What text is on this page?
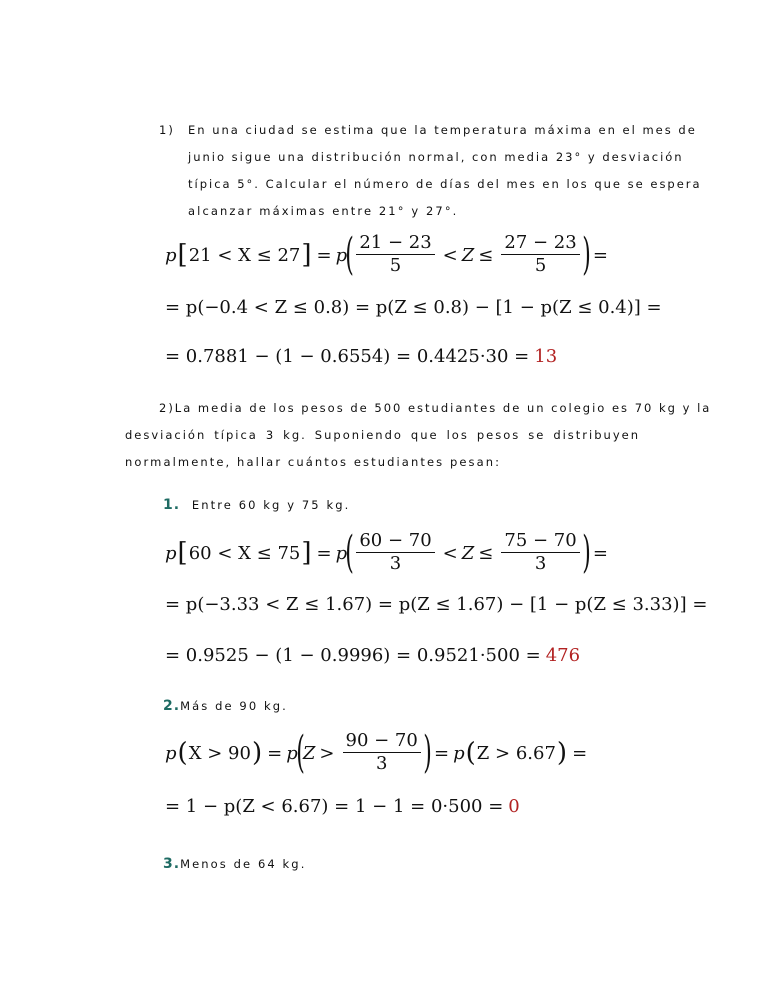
1) En una ciudad se estima que la temperatura máxima en el mes de
junio sigue una distribución normal, con media 23° y desviación
típica 5°. Calcular el número de días del mes en los que se espera
alcanzar máximas entre 21° y 27°.
p [ 21 < X ≤ 27 ] = p
( $\frac{21 - 23}{5} < Z \le \frac{27 - 23}{5}$ ) =
= p(−0.4 < Z ≤ 0.8) = p(Z ≤ 0.8) − [1 − p(Z ≤ 0.4)] =
= 0.7881 − (1 − 0.6554) = 0.4425·30 = 13
2)La media de los pesos de 500 estudiantes de un colegio es 70 kg y la
desviación típica 3 kg. Suponiendo que los pesos se distribuyen
normalmente, hallar cuántos estudiantes pesan:
1. Entre 60 kg y 75 kg.
p [ 60 < X ≤ 75 ] = p
( $\frac{60 - 70}{3} < Z \le \frac{75 - 70}{3}$ ) =
= p(−3.33 < Z ≤ 1.67) = p(Z ≤ 1.67) − [1 − p(Z ≤ 3.33)] =
= 0.9525 − (1 − 0.9996) = 0.9521·500 = 476
2.Más de 90 kg.
p ( X > 90 ) = p
(
$Z > \frac{90 - 70}{3}$ ) = p ( Z > 6.67 ) =
= 1 − p(Z < 6.67) = 1 − 1 = 0·500 = 0
3.Menos de 64 kg.
